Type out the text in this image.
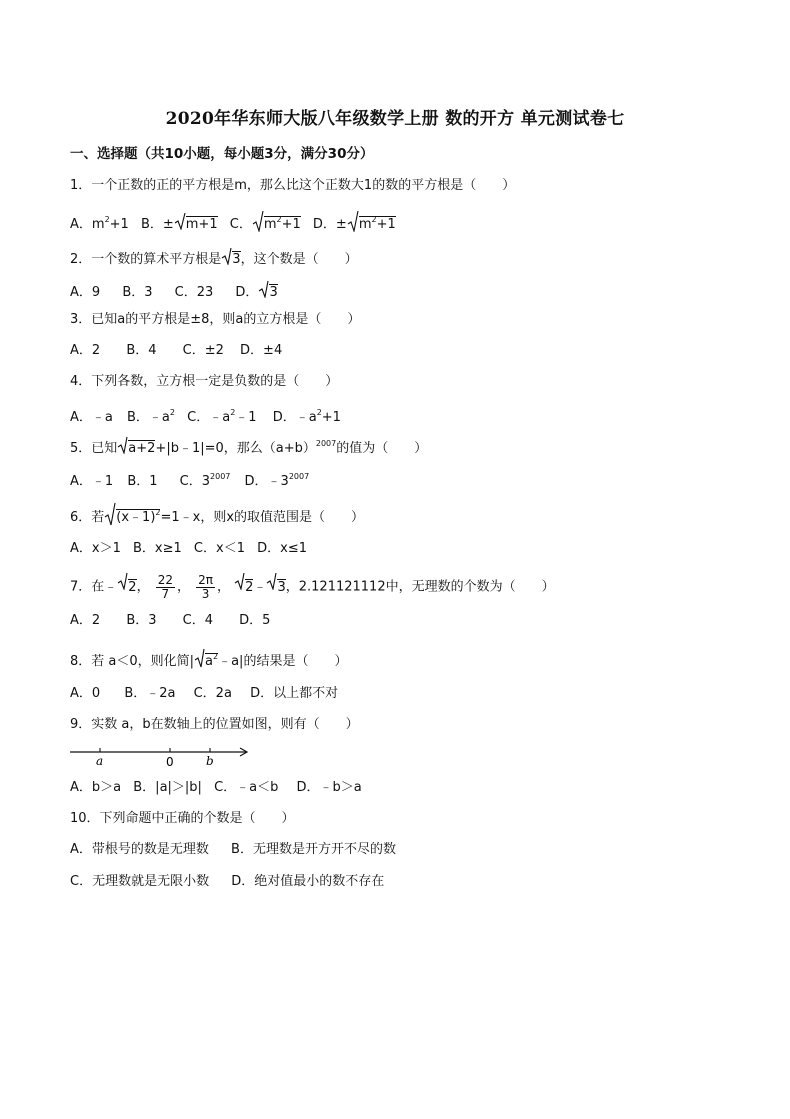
2020年华东师大版八年级数学上册 数的开方 单元测试卷七
一、选择题（共10小题，每小题3分，满分30分）
1．一个正数的正的平方根是m，那么比这个正数大1的数的平方根是（　　）
A．$m^2+1$ B．± m+1 C． $m^2+1$ D．± $m^2+1$
2．一个数的算术平方根是 3，这个数是（　　）
A．9 B．3 C．23 D． 3
3．已知a的平方根是±8，则a的立方根是（　　）
A．2 B．4 C．±2 D．±4
4．下列各数，立方根一定是负数的是（　　）
A．﹣a B．$﹣a^2$ C．$﹣a^2﹣1$ D．$﹣a^2+1$
5．已知 a+2+|b﹣1|=0，那么$(a+b)^{2007}$的值为（　　）
A．﹣1 B．1 C．$3^{2007}$ D．$﹣3^{2007}$
6．若 (x﹣1)$^2$=1﹣x，则x的取值范围是（　　）
A．x＞1 B．x≥1 C．x＜1 D．x≤1
7．在﹣ 2， $\frac{22}{7}$ ， $\frac{2\pi}{3}$ ， 2﹣ 3，2.121121112中，无理数的个数为（　　）
A．2 B．3 C．4 D．5
8．若 a＜0，则化简| $a^2﹣a|$的结果是（　　）
A．0 B．﹣2a C．2a D．以上都不对
9．实数 a，b在数轴上的位置如图，则有（　　）
a	0	b
A．b＞a B．|a|＞|b| C．﹣a＜b D．﹣b＞a
10．下列命题中正确的个数是（　　）
A．带根号的数是无理数 B．无理数是开方开不尽的数
C．无理数就是无限小数 D．绝对值最小的数不存在
